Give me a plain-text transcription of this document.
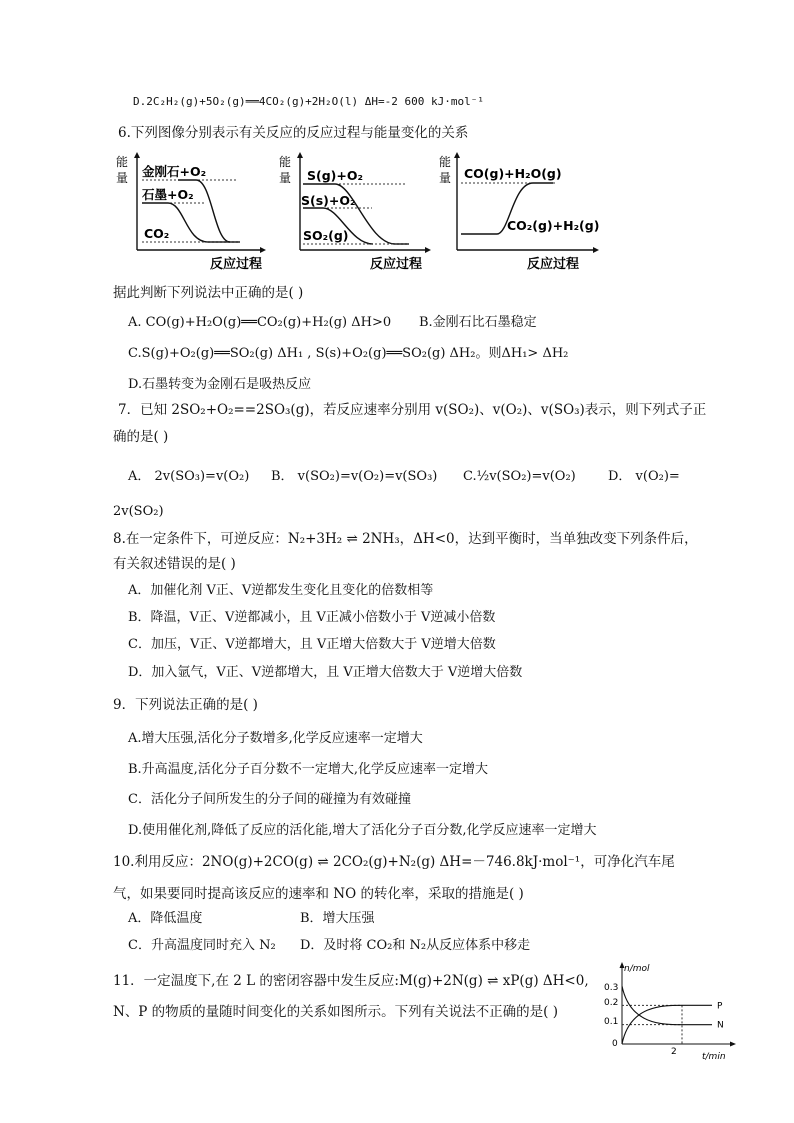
D.2C₂H₂(g)+5O₂(g)══4CO₂(g)+2H₂O(l) ΔH=-2 600 kJ·mol⁻¹
6.下列图像分别表示有关反应的反应过程与能量变化的关系
能
量 金刚石+O₂
石墨+O₂
CO₂
反应过程
能
量 S(g)+O₂
S(s)+O₂
SO₂(g)
反应过程
能
量 CO(g)+H₂O(g)
CO₂(g)+H₂(g)
反应过程
据此判断下列说法中正确的是( )
A. CO(g)+H₂O(g)══CO₂(g)+H₂(g) ΔH>0 B.金刚石比石墨稳定
C.S(g)+O₂(g)══SO₂(g) ΔH₁ , S(s)+O₂(g)══SO₂(g) ΔH₂。则ΔH₁> ΔH₂
D.石墨转变为金刚石是吸热反应
7．已知 2SO₂+O₂==2SO₃(g)，若反应速率分别用 v(SO₂)、v(O₂)、v(SO₃)表示，则下列式子正
确的是( )
A． 2v(SO₃)=v(O₂) B． v(SO₂)=v(O₂)=v(SO₃) C.½v(SO₂)=v(O₂) D． v(O₂)=
2v(SO₂)
8.在一定条件下，可逆反应：N₂+3H₂ ⇌ 2NH₃，ΔH<0，达到平衡时，当单独改变下列条件后，
有关叙述错误的是( )
A．加催化剂 V正、V逆都发生变化且变化的倍数相等
B．降温，V正、V逆都减小，且 V正减小倍数小于 V逆减小倍数
C．加压，V正、V逆都增大，且 V正增大倍数大于 V逆增大倍数
D．加入氩气，V正、V逆都增大，且 V正增大倍数大于 V逆增大倍数
9．下列说法正确的是( )
A.增大压强,活化分子数增多,化学反应速率一定增大
B.升高温度,活化分子百分数不一定增大,化学反应速率一定增大
C．活化分子间所发生的分子间的碰撞为有效碰撞
D.使用催化剂,降低了反应的活化能,增大了活化分子百分数,化学反应速率一定增大
10.利用反应：2NO(g)+2CO(g) ⇌ 2CO₂(g)+N₂(g) ΔH=－746.8kJ·mol⁻¹，可净化汽车尾
气，如果要同时提高该反应的速率和 NO 的转化率，采取的措施是( )
A．降低温度	B．增大压强
C．升高温度同时充入 N₂ D．及时将 CO₂和 N₂从反应体系中移走
11．一定温度下,在 2 L 的密闭容器中发生反应:M(g)+2N(g) ⇌ xP(g) ΔH<0,
N、P 的物质的量随时间变化的关系如图所示。下列有关说法不正确的是( )
n/mol
0.3
0.2
0.1
0
2	t/min
P
N
